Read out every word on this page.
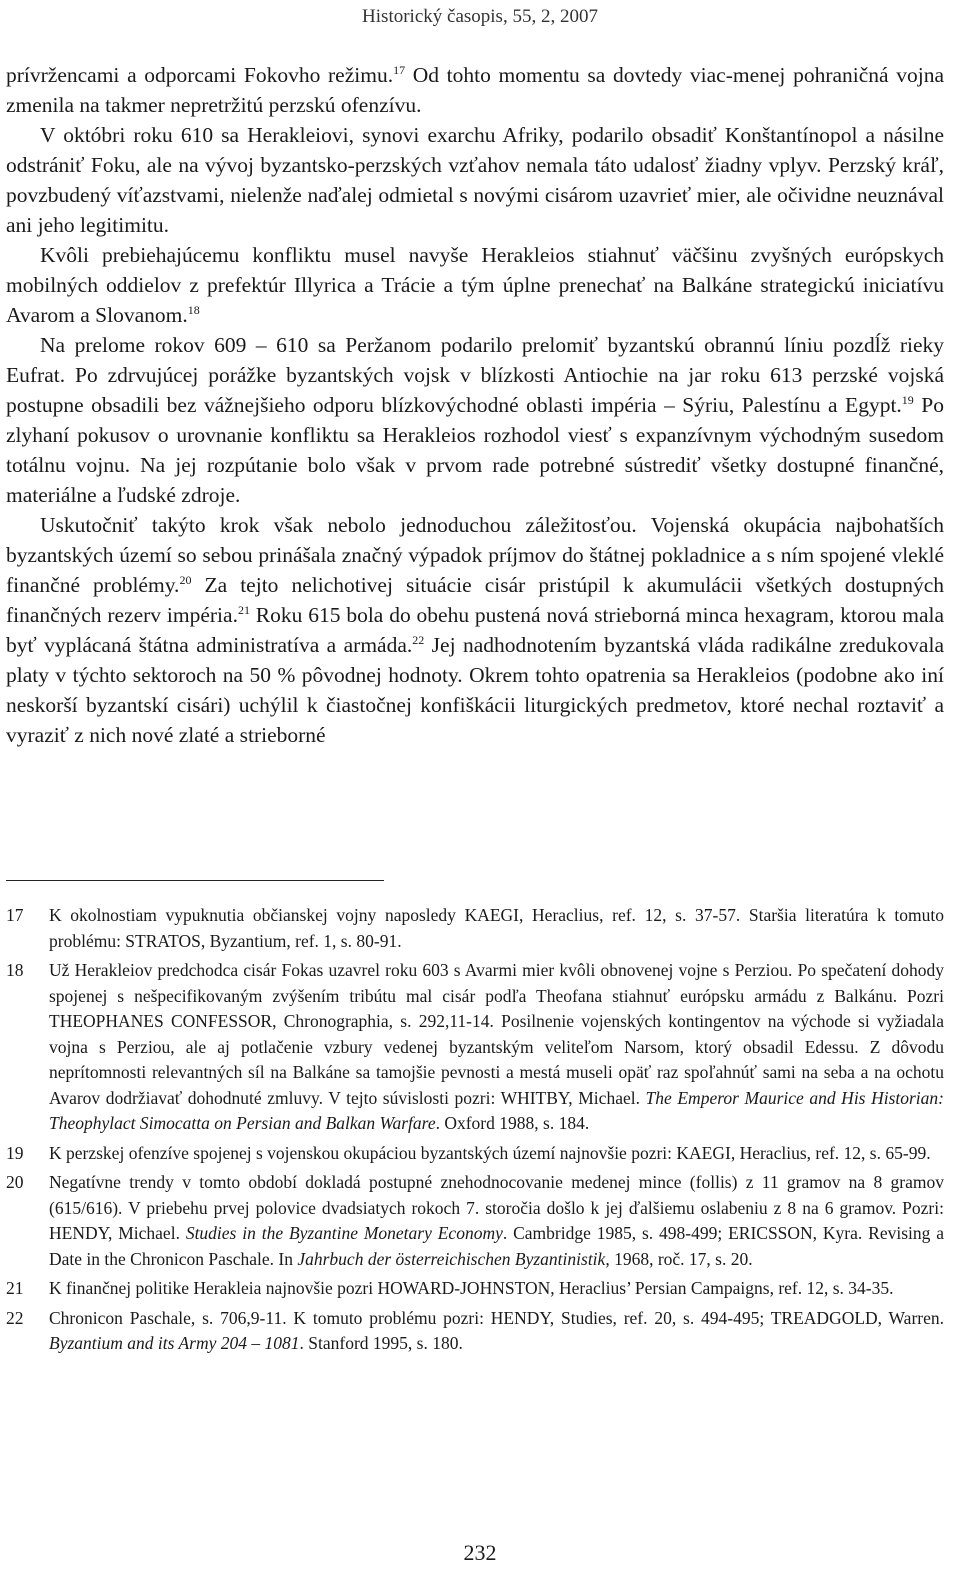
Historický časopis, 55, 2, 2007

prívržencami a odporcami Fokovho režimu.$^{17}$ Od tohto momentu sa dovtedy viac-menej pohraničná vojna zmenila na takmer nepretržitú perzskú ofenzívu.

V októbri roku 610 sa Herakleiovi, synovi exarchu Afriky, podarilo obsadiť Konštantínopol a násilne odstrániť Foku, ale na vývoj byzantsko-perzských vzťahov nemala táto udalosť žiadny vplyv. Perzský kráľ, povzbudený víťazstvami, nielenže naďalej odmietal s novými cisárom uzavrieť mier, ale očividne neuznával ani jeho legitimitu.

Kvôli prebiehajúcemu konfliktu musel navyše Herakleios stiahnuť väčšinu zvyšných európskych mobilných oddielov z prefektúr Illyrica a Trácie a tým úplne prenechať na Balkáne strategickú iniciatívu Avarom a Slovanom.$^{18}$

Na prelome rokov 609 – 610 sa Peržanom podarilo prelomiť byzantskú obrannú líniu pozdĺž rieky Eufrat. Po zdrvujúcej porážke byzantských vojsk v blízkosti Antiochie na jar roku 613 perzské vojská postupne obsadili bez vážnejšieho odporu blízkovýchodné oblasti impéria – Sýriu, Palestínu a Egypt.$^{19}$ Po zlyhaní pokusov o urovnanie konfliktu sa Herakleios rozhodol viesť s expanzívnym východným susedom totálnu vojnu. Na jej rozpútanie bolo však v prvom rade potrebné sústrediť všetky dostupné finančné, materiálne a ľudské zdroje.

Uskutočniť takýto krok však nebolo jednoduchou záležitosťou. Vojenská okupácia najbohatších byzantských území so sebou prinášala značný výpadok príjmov do štátnej pokladnice a s ním spojené vleklé finančné problémy.$^{20}$ Za tejto nelichotivej situácie cisár pristúpil k akumulácii všetkých dostupných finančných rezerv impéria.$^{21}$ Roku 615 bola do obehu pustená nová strieborná minca hexagram, ktorou mala byť vyplácaná štátna administratíva a armáda.$^{22}$ Jej nadhodnotením byzantská vláda radikálne zredukovala platy v týchto sektoroch na 50 % pôvodnej hodnoty. Okrem tohto opatrenia sa Herakleios (podobne ako iní neskorší byzantskí cisári) uchýlil k čiastočnej konfiškácii liturgických predmetov, ktoré nechal roztaviť a vyraziť z nich nové zlaté a strieborné

17	K okolnostiam vypuknutia občianskej vojny naposledy KAEGI, Heraclius, ref. 12, s. 37-57. Staršia literatúra k tomuto problému: STRATOS, Byzantium, ref. 1, s. 80-91.
18	Už Herakleiov predchodca cisár Fokas uzavrel roku 603 s Avarmi mier kvôli obnovenej vojne s Perziou. Po spečatení dohody spojenej s nešpecifikovaným zvýšením tribútu mal cisár podľa Theofana stiahnuť európsku armádu z Balkánu. Pozri THEOPHANES CONFESSOR, Chronographia, s. 292,11-14. Posilnenie vojenských kontingentov na východe si vyžiadala vojna s Perziou, ale aj potlačenie vzbury vedenej byzantským veliteľom Narsom, ktorý obsadil Edessu. Z dôvodu neprítomnosti relevantných síl na Balkáne sa tamojšie pevnosti a mestá museli opäť raz spoľahnúť sami na seba a na ochotu Avarov dodržiavať dohodnuté zmluvy. V tejto súvislosti pozri: WHITBY, Michael. The Emperor Maurice and His Historian: Theophylact Simocatta on Persian and Balkan Warfare. Oxford 1988, s. 184.
19	K perzskej ofenzíve spojenej s vojenskou okupáciou byzantských území najnovšie pozri: KAEGI, Heraclius, ref. 12, s. 65-99.
20	Negatívne trendy v tomto období dokladá postupné znehodnocovanie medenej mince (follis) z 11 gramov na 8 gramov (615/616). V priebehu prvej polovice dvadsiatych rokoch 7. storočia došlo k jej ďalšiemu oslabeniu z 8 na 6 gramov. Pozri: HENDY, Michael. Studies in the Byzantine Monetary Economy. Cambridge 1985, s. 498-499; ERICSSON, Kyra. Revising a Date in the Chronicon Paschale. In Jahrbuch der österreichischen Byzantinistik, 1968, roč. 17, s. 20.
21	K finančnej politike Herakleia najnovšie pozri HOWARD-JOHNSTON, Heraclius’ Persian Campaigns, ref. 12, s. 34-35.
22	Chronicon Paschale, s. 706,9-11. K tomuto problému pozri: HENDY, Studies, ref. 20, s. 494-495; TREADGOLD, Warren. Byzantium and its Army 204 – 1081. Stanford 1995, s. 180.
232
